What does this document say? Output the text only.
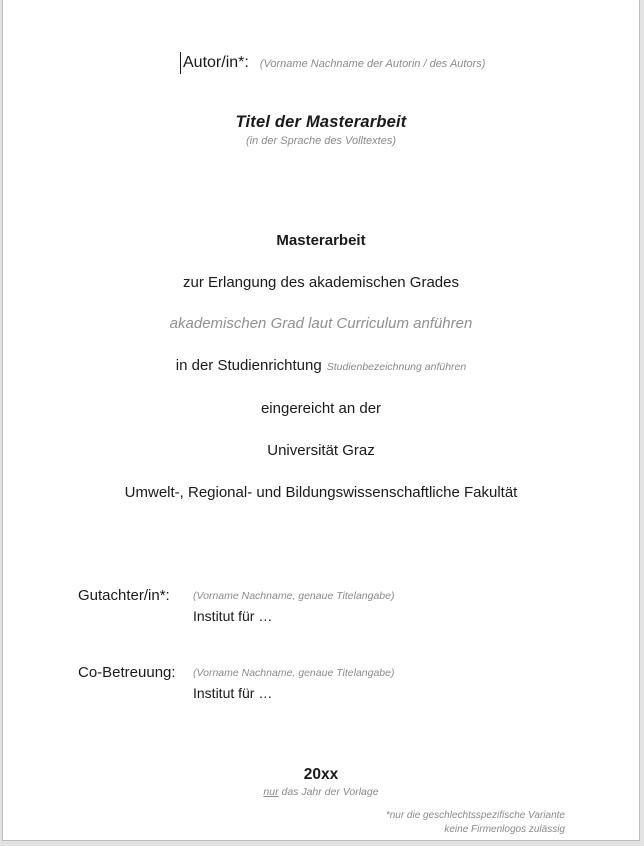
Autor/in*: (Vorname Nachname der Autorin / des Autors)
Titel der Masterarbeit
(in der Sprache des Volltextes)
Masterarbeit
zur Erlangung des akademischen Grades
akademischen Grad laut Curriculum anführen
in der Studienrichtung Studienbezeichnung anführen
eingereicht an der
Universität Graz
Umwelt-, Regional- und Bildungswissenschaftliche Fakultät
Gutachter/in*: (Vorname Nachname, genaue Titelangabe)
Institut für …
Co-Betreuung: (Vorname Nachname, genaue Titelangabe)
Institut für …
20xx
nur das Jahr der Vorlage
*nur die geschlechtsspezifische Variante
keine Firmenlogos zulässig
